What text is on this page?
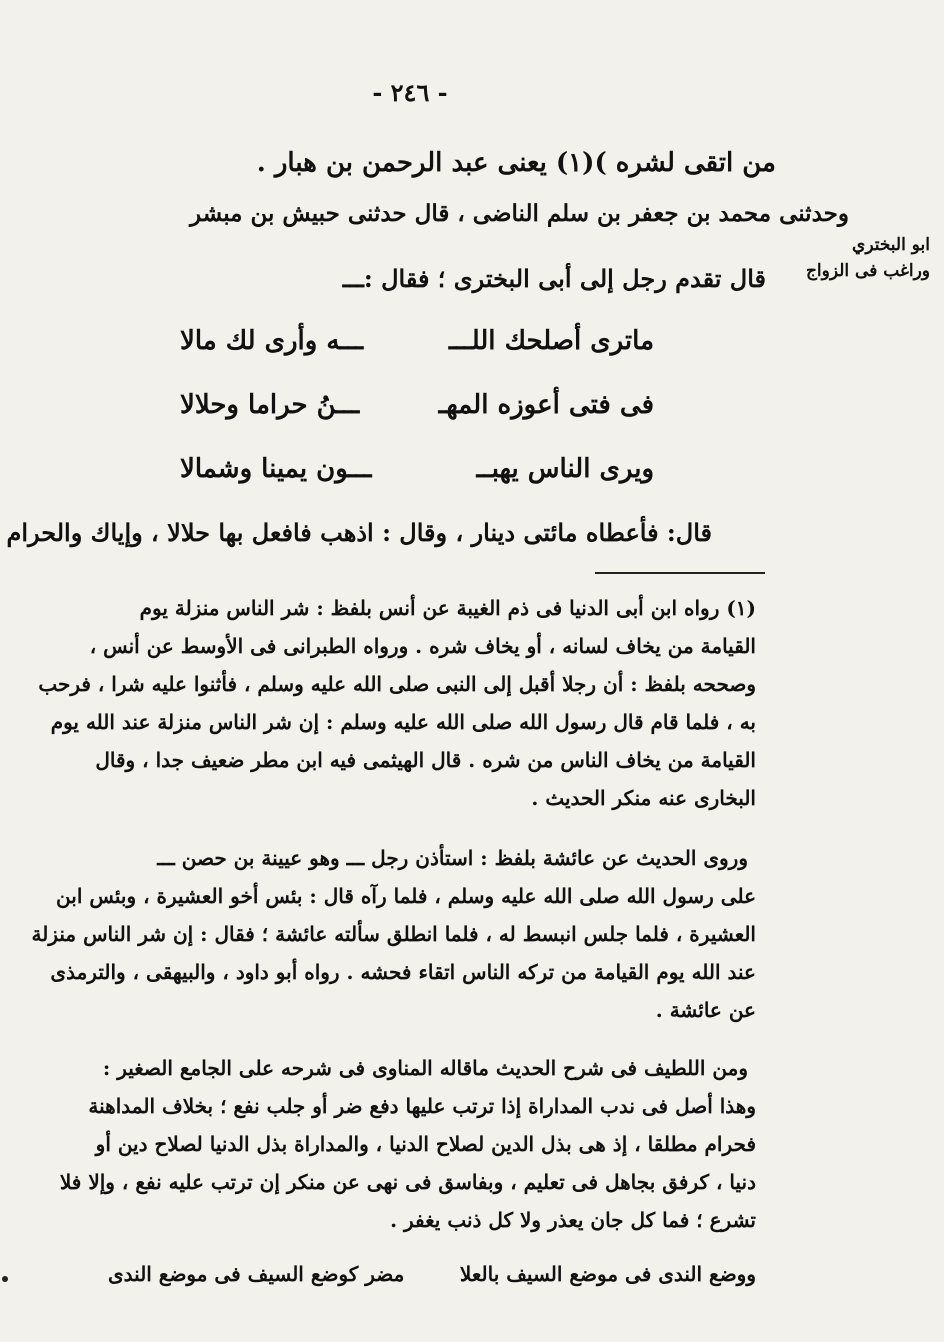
- ٢٤٦ -
ابو البختري
وراغب فى الزواج
من اتقى لشره )(١) يعنى عبد الرحمن بن هبار .
وحدثنى محمد بن جعفر بن سلم الناضى ، قال حدثنى حبيش بن مبشر
قال تقدم رجل إلى أبى البخترى ؛ فقال :ـــ
ماترى أصلحك اللـــ
ـــه وأرى لك مالا
فى فتى أعوزه المهـ
ـــنُ حراما وحلالا
ويرى الناس يهبــ
ـــون يمينا وشمالا
قال: فأعطاه مائتى دينار ، وقال : اذهب فافعل بها حلالا ، وإياك والحرام
(١) رواه ابن أبى الدنيا فى ذم الغيبة عن أنس بلفظ : شر الناس منزلة يوم
القيامة من يخاف لسانه ، أو يخاف شره . ورواه الطبرانى فى الأوسط عن أنس ،
وصححه بلفظ : أن رجلا أقبل إلى النبى صلى الله عليه وسلم ، فأثنوا عليه شرا ، فرحب
به ، فلما قام قال رسول الله صلى الله عليه وسلم : إن شر الناس منزلة عند الله يوم
القيامة من يخاف الناس من شره . قال الهيثمى فيه ابن مطر ضعيف جدا ، وقال
البخارى عنه منكر الحديث .
وروى الحديث عن عائشة بلفظ : استأذن رجل ـــ وهو عيينة بن حصن ـــ
على رسول الله صلى الله عليه وسلم ، فلما رآه قال : بئس أخو العشيرة ، وبئس ابن
العشيرة ، فلما جلس انبسط له ، فلما انطلق سألته عائشة ؛ فقال : إن شر الناس منزلة
عند الله يوم القيامة من تركه الناس اتقاء فحشه . رواه أبو داود ، والبيهقى ، والترمذى
عن عائشة .
ومن اللطيف فى شرح الحديث ماقاله المناوى فى شرحه على الجامع الصغير :
وهذا أصل فى ندب المداراة إذا ترتب عليها دفع ضر أو جلب نفع ؛ بخلاف المداهنة
فحرام مطلقا ، إذ هى بذل الدين لصلاح الدنيا ، والمداراة بذل الدنيا لصلاح دين أو
دنيا ، كرفق بجاهل فى تعليم ، وبفاسق فى نهى عن منكر إن ترتب عليه نفع ، وإلا فلا
تشرع ؛ فما كل جان يعذر ولا كل ذنب يغفر .
ووضع الندى فى موضع السيف بالعلا
مضر كوضع السيف فى موضع الندى
